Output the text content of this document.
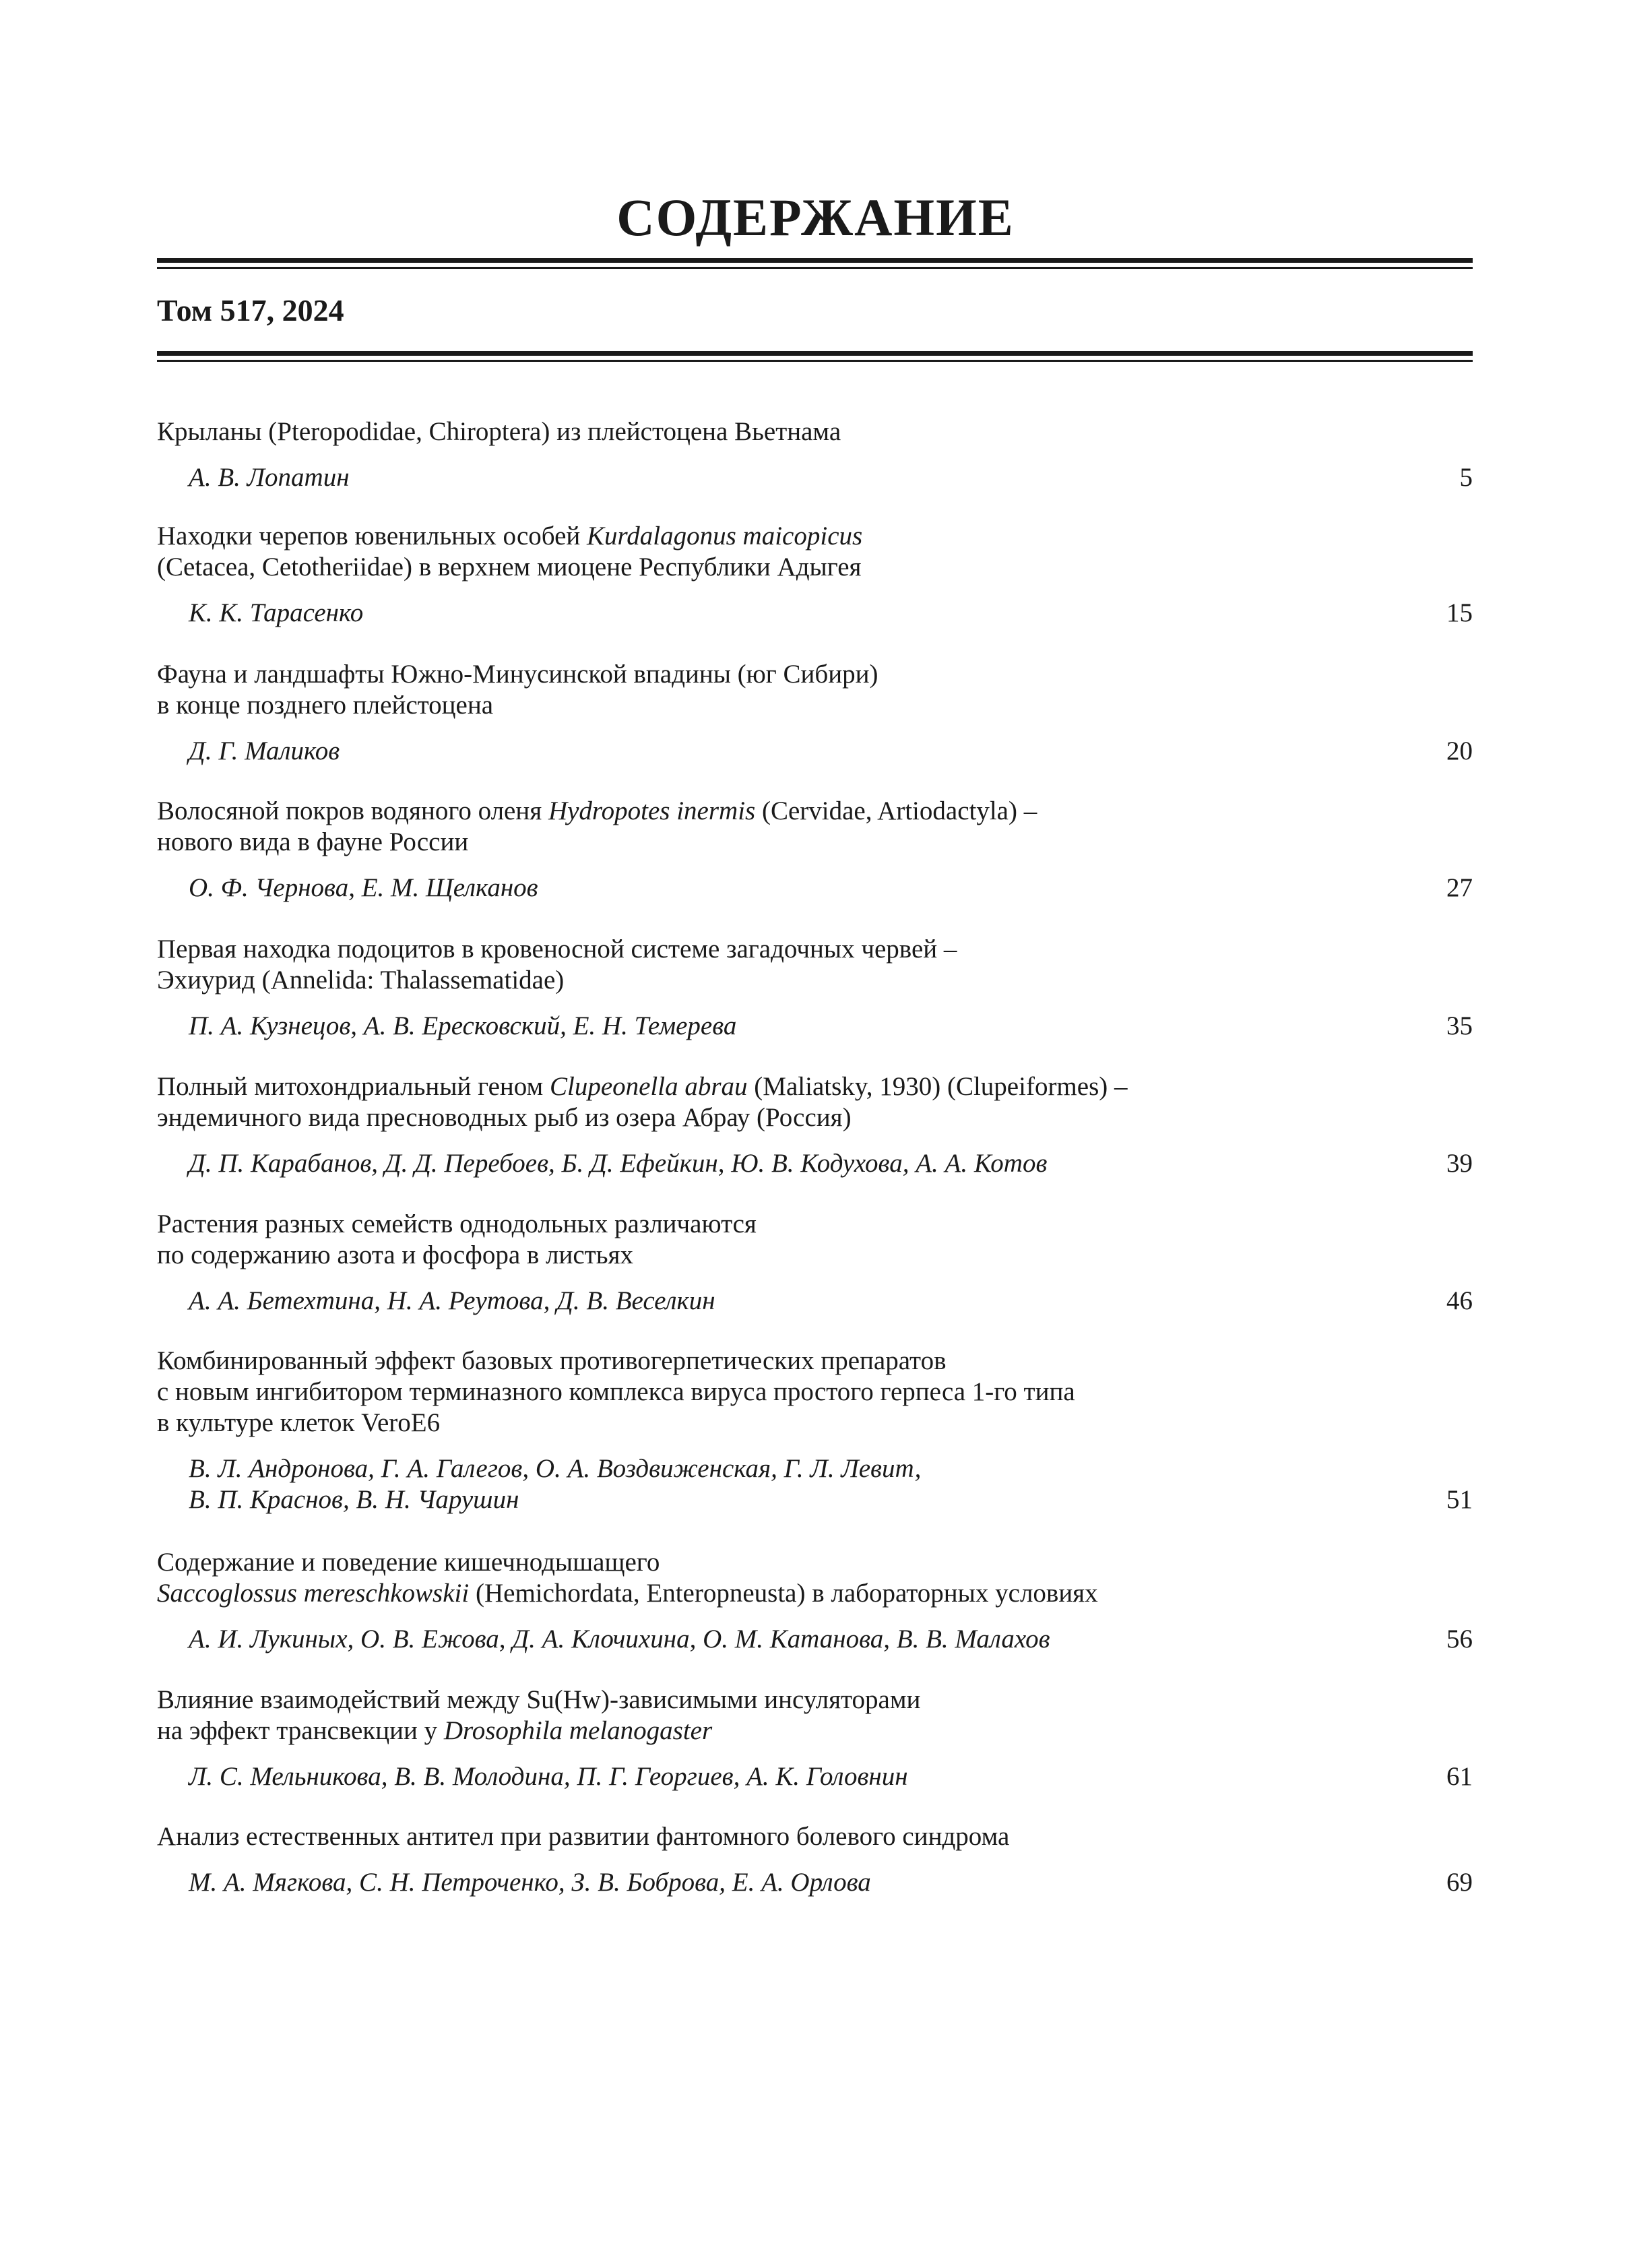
СОДЕРЖАНИЕ
Том 517, 2024
Крыланы (Pteropodidae, Chiroptera) из плейстоцена Вьетнама
А. В. Лопатин	5
Находки черепов ювенильных особей Kurdalagonus maicopicus
(Cetacea, Cetotheriidae) в верхнем миоцене Республики Адыгея
К. К. Тарасенко	15
Фауна и ландшафты Южно-Минусинской впадины (юг Сибири)
в конце позднего плейстоцена
Д. Г. Маликов	20
Волосяной покров водяного оленя Hydropotes inermis (Cervidae, Artiodactyla) –
нового вида в фауне России
О. Ф. Чернова, Е. М. Щелканов	27
Первая находка подоцитов в кровеносной системе загадочных червей –
Эхиурид (Annelida: Thalassematidae)
П. А. Кузнецов, А. В. Ересковский, Е. Н. Темерева	35
Полный митохондриальный геном Clupeonella abrau (Maliatsky, 1930) (Clupeiformes) –
эндемичного вида пресноводных рыб из озера Абрау (Россия)
Д. П. Карабанов, Д. Д. Перебоев, Б. Д. Ефейкин, Ю. В. Кодухова, А. А. Котов	39
Растения разных семейств однодольных различаются
по содержанию азота и фосфора в листьях
А. А. Бетехтина, Н. А. Реутова, Д. В. Веселкин	46
Комбинированный эффект базовых противогерпетических препаратов
с новым ингибитором терминазного комплекса вируса простого герпеса 1-го типа
в культуре клеток VeroE6
В. Л. Андронова, Г. А. Галегов, О. А. Воздвиженская, Г. Л. Левит,
В. П. Краснов, В. Н. Чарушин	51
Содержание и поведение кишечнодышащего
Saccoglossus mereschkowskii (Hemichordata, Enteropneusta) в лабораторных условиях
А. И. Лукиных, О. В. Ежова, Д. А. Клочихина, О. М. Катанова, В. В. Малахов	56
Влияние взаимодействий между Su(Hw)-зависимыми инсуляторами
на эффект трансвекции у Drosophila melanogaster
Л. С. Мельникова, В. В. Молодина, П. Г. Георгиев, А. К. Головнин	61
Анализ естественных антител при развитии фантомного болевого синдрома
М. А. Мягкова, С. Н. Петроченко, З. В. Боброва, Е. А. Орлова	69
